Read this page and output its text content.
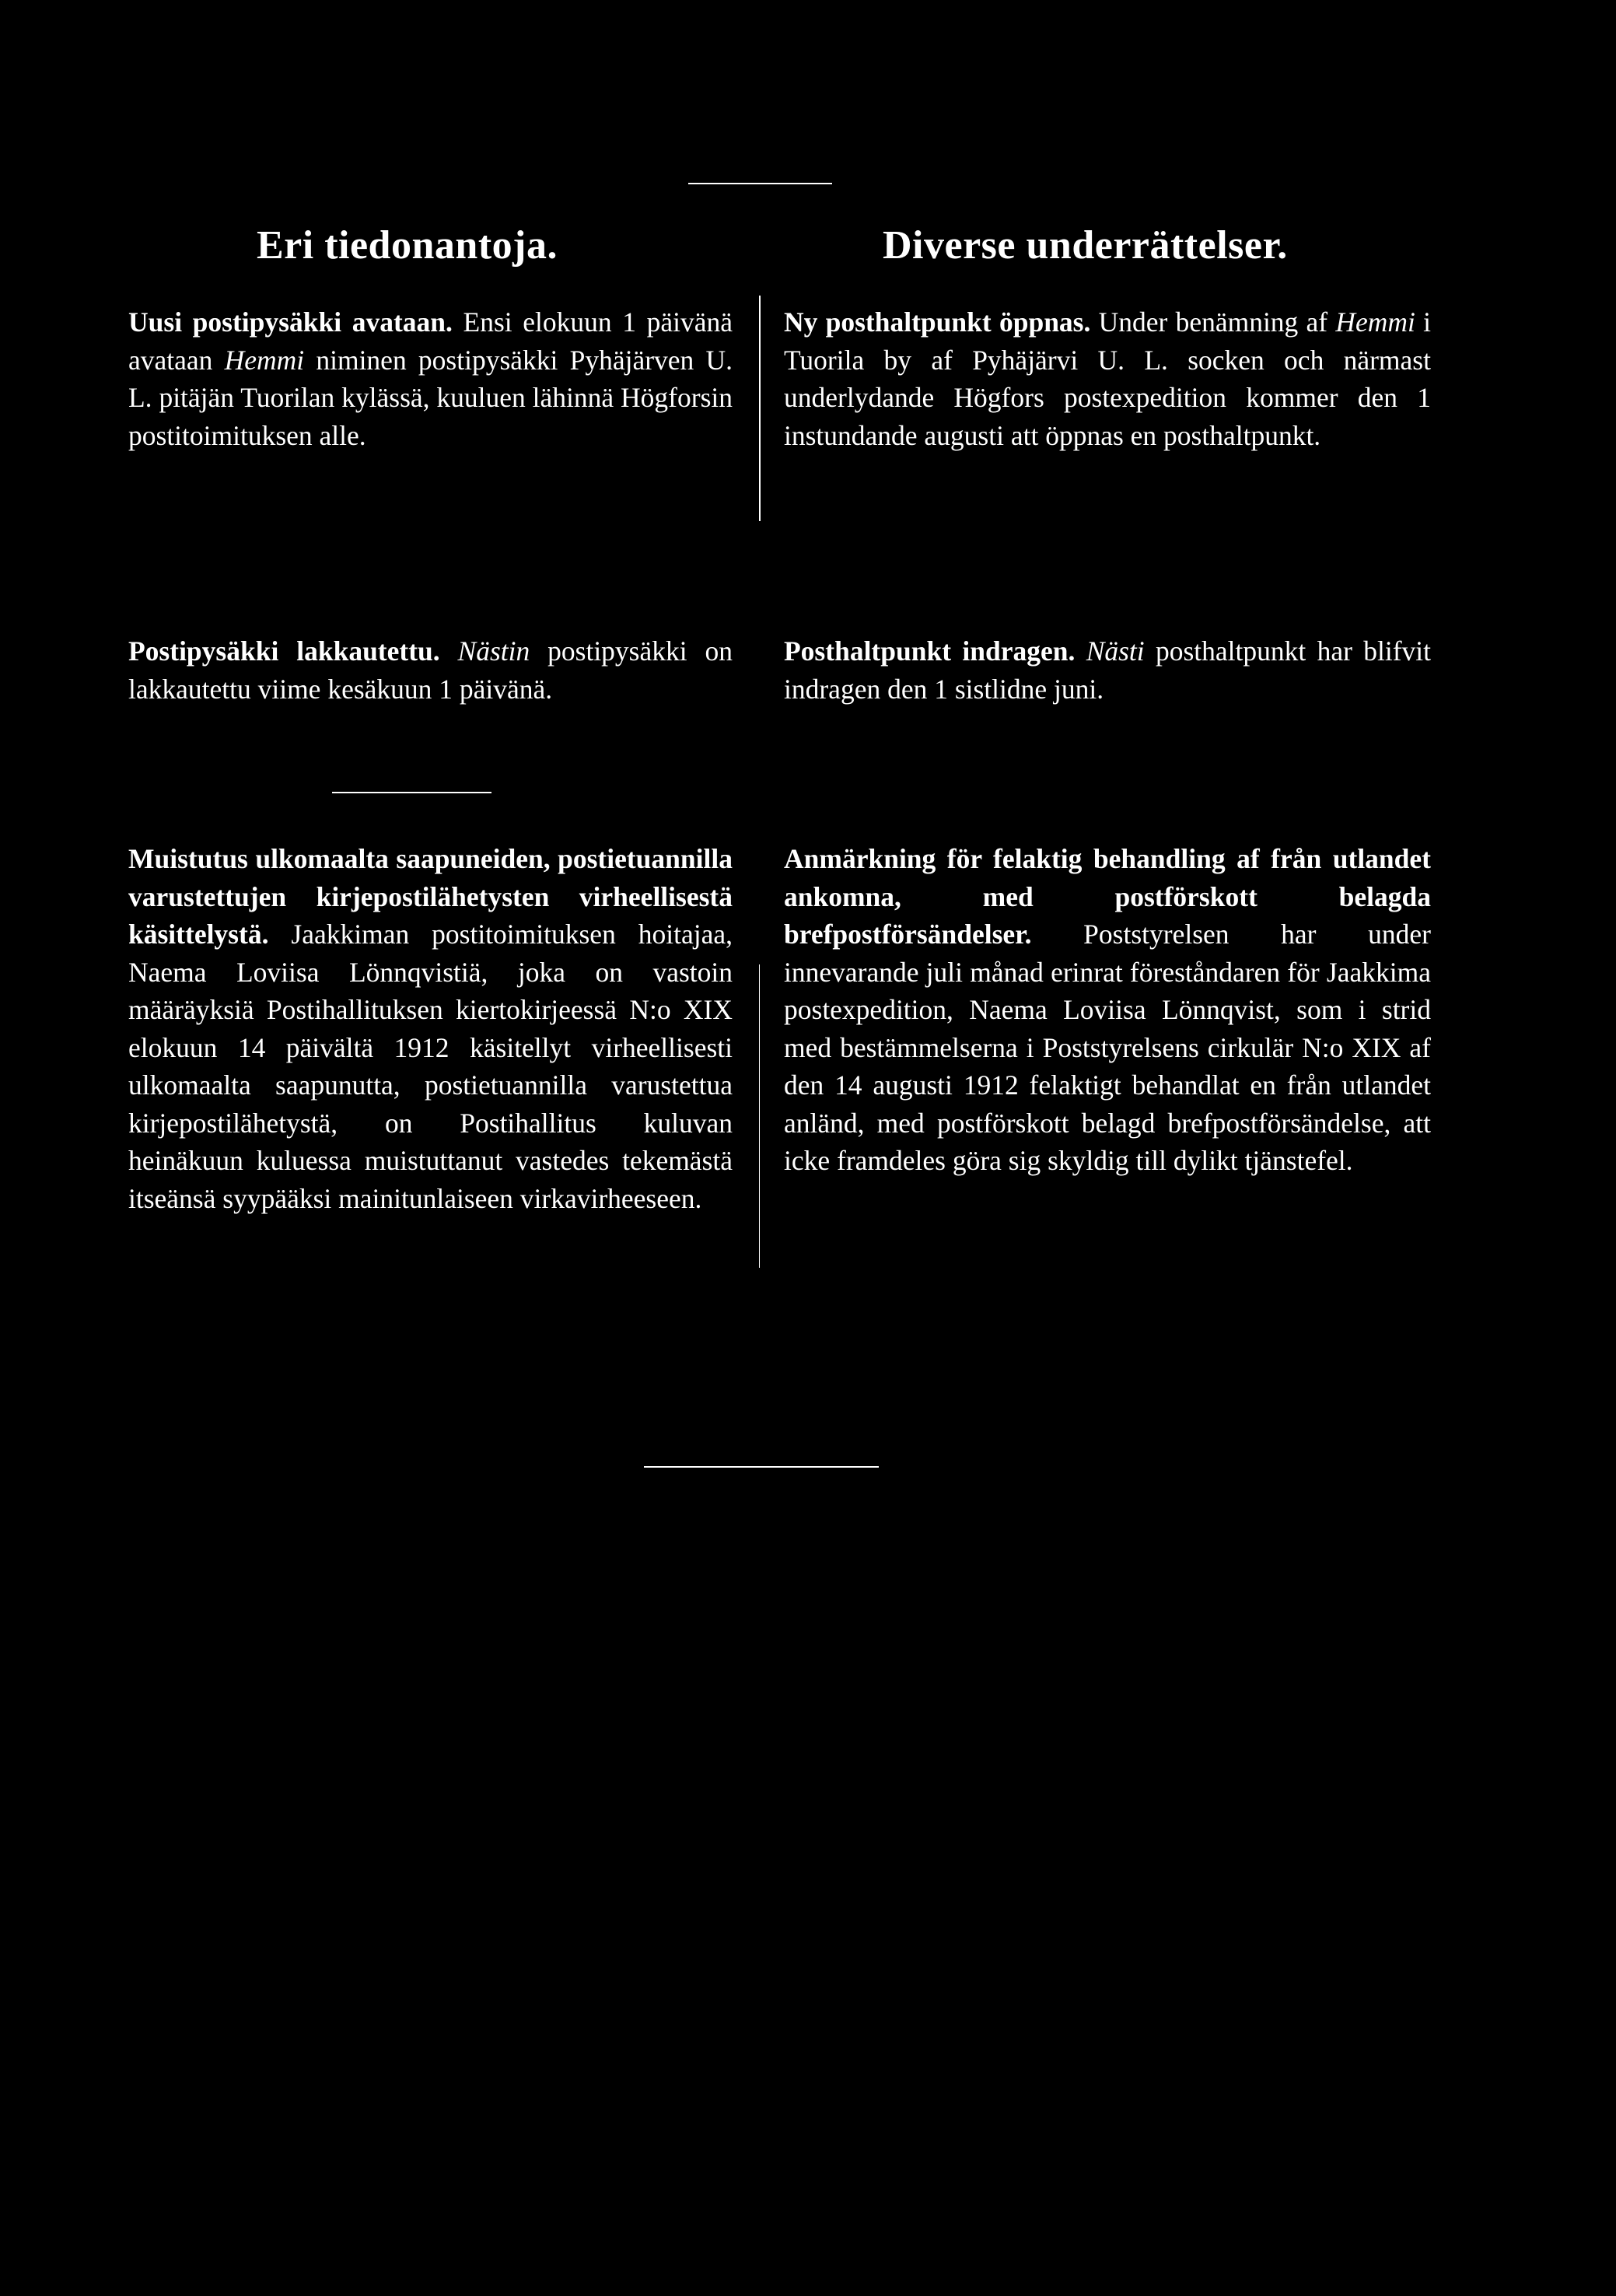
Eri tiedonantoja.	Diverse underrättelser.
Uusi postipysäkki avataan. Ensi elokuun 1 päivänä avataan Hemmi niminen postipysäkki Pyhäjärven U. L. pitäjän Tuorilan kylässä, kuuluen lähinnä Högforsin postitoimituksen alle.
Ny posthaltpunkt öppnas. Under benämning af Hemmi i Tuorila by af Pyhäjärvi U. L. socken och närmast underlydande Högfors postexpedition kommer den 1 instundande augusti att öppnas en posthaltpunkt.
Postipysäkki lakkautettu. Nästin postipysäkki on lakkautettu viime kesäkuun 1 päivänä.
Posthaltpunkt indragen. Nästi posthaltpunkt har blifvit indragen den 1 sistlidne juni.
Muistutus ulkomaalta saapuneiden, postietuannilla varustettujen kirjepostilähetysten virheellisestä käsittelystä. Jaakkiman postitoimituksen hoitajaa, Naema Loviisa Lönnqvistiä, joka on vastoin määräyksiä Postihallituksen kiertokirjeessä N:o XIX elokuun 14 päivältä 1912 käsitellyt virheellisesti ulkomaalta saapunutta, postietuannilla varustettua kirjepostilähetystä, on Postihallitus kuluvan heinäkuun kuluessa muistuttanut vastedes tekemästä itseänsä syypääksi mainitunlaiseen virkavirheeseen.
Anmärkning för felaktig behandling af från utlandet ankomna, med postförskott belagda brefpostförsändelser. Poststyrelsen har under innevarande juli månad erinrat föreståndaren för Jaakkima postexpedition, Naema Loviisa Lönnqvist, som i strid med bestämmelserna i Poststyrelsens cirkulär N:o XIX af den 14 augusti 1912 felaktigt behandlat en från utlandet anländ, med postförskott belagd brefpostförsändelse, att icke framdeles göra sig skyldig till dylikt tjänstefel.
